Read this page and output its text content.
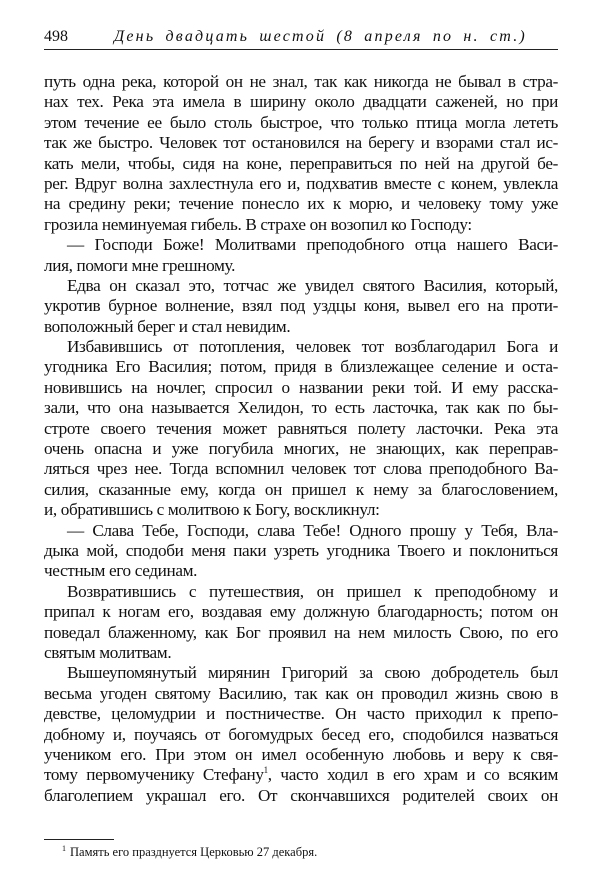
498	День двадцать шестой (8 апреля по н. ст.)
путь одна река, которой он не знал, так как никогда не бывал в стра-
нах тех. Река эта имела в ширину около двадцати саженей, но при
этом течение ее было столь быстрое, что только птица могла лететь
так же быстро. Человек тот остановился на берегу и взорами стал ис-
кать мели, чтобы, сидя на коне, переправиться по ней на другой бе-
рег. Вдруг волна захлестнула его и, подхватив вместе с конем, увлекла
на средину реки; течение понесло их к морю, и человеку тому уже
грозила неминуемая гибель. В страхе он возопил ко Господу:
— Господи Боже! Молитвами преподобного отца нашего Васи-
лия, помоги мне грешному.
Едва он сказал это, тотчас же увидел святого Василия, который,
укротив бурное волнение, взял под уздцы коня, вывел его на проти-
воположный берег и стал невидим.
Избавившись от потопления, человек тот возблагодарил Бога и
угодника Его Василия; потом, придя в близлежащее селение и оста-
новившись на ночлег, спросил о названии реки той. И ему расска-
зали, что она называется Хелидон, то есть ласточка, так как по бы-
строте своего течения может равняться полету ласточки. Река эта
очень опасна и уже погубила многих, не знающих, как переправ-
ляться чрез нее. Тогда вспомнил человек тот слова преподобного Ва-
силия, сказанные ему, когда он пришел к нему за благословением,
и, обратившись с молитвою к Богу, воскликнул:
— Слава Тебе, Господи, слава Тебе! Одного прошу у Тебя, Вла-
дыка мой, сподоби меня паки узреть угодника Твоего и поклониться
честным его сединам.
Возвратившись с путешествия, он пришел к преподобному и
припал к ногам его, воздавая ему должную благодарность; потом он
поведал блаженному, как Бог проявил на нем милость Свою, по его
святым молитвам.
Вышеупомянутый мирянин Григорий за свою добродетель был
весьма угоден святому Василию, так как он проводил жизнь свою в
девстве, целомудрии и постничестве. Он часто приходил к препо-
добному и, поучаясь от богомудрых бесед его, сподобился назваться
учеником его. При этом он имел особенную любовь и веру к свя-
тому первомученику Стефану$^1$, часто ходил в его храм и со всяким
благолепием украшал его. От скончавшихся родителей своих он
$^1$ Память его празднуется Церковью 27 декабря.
